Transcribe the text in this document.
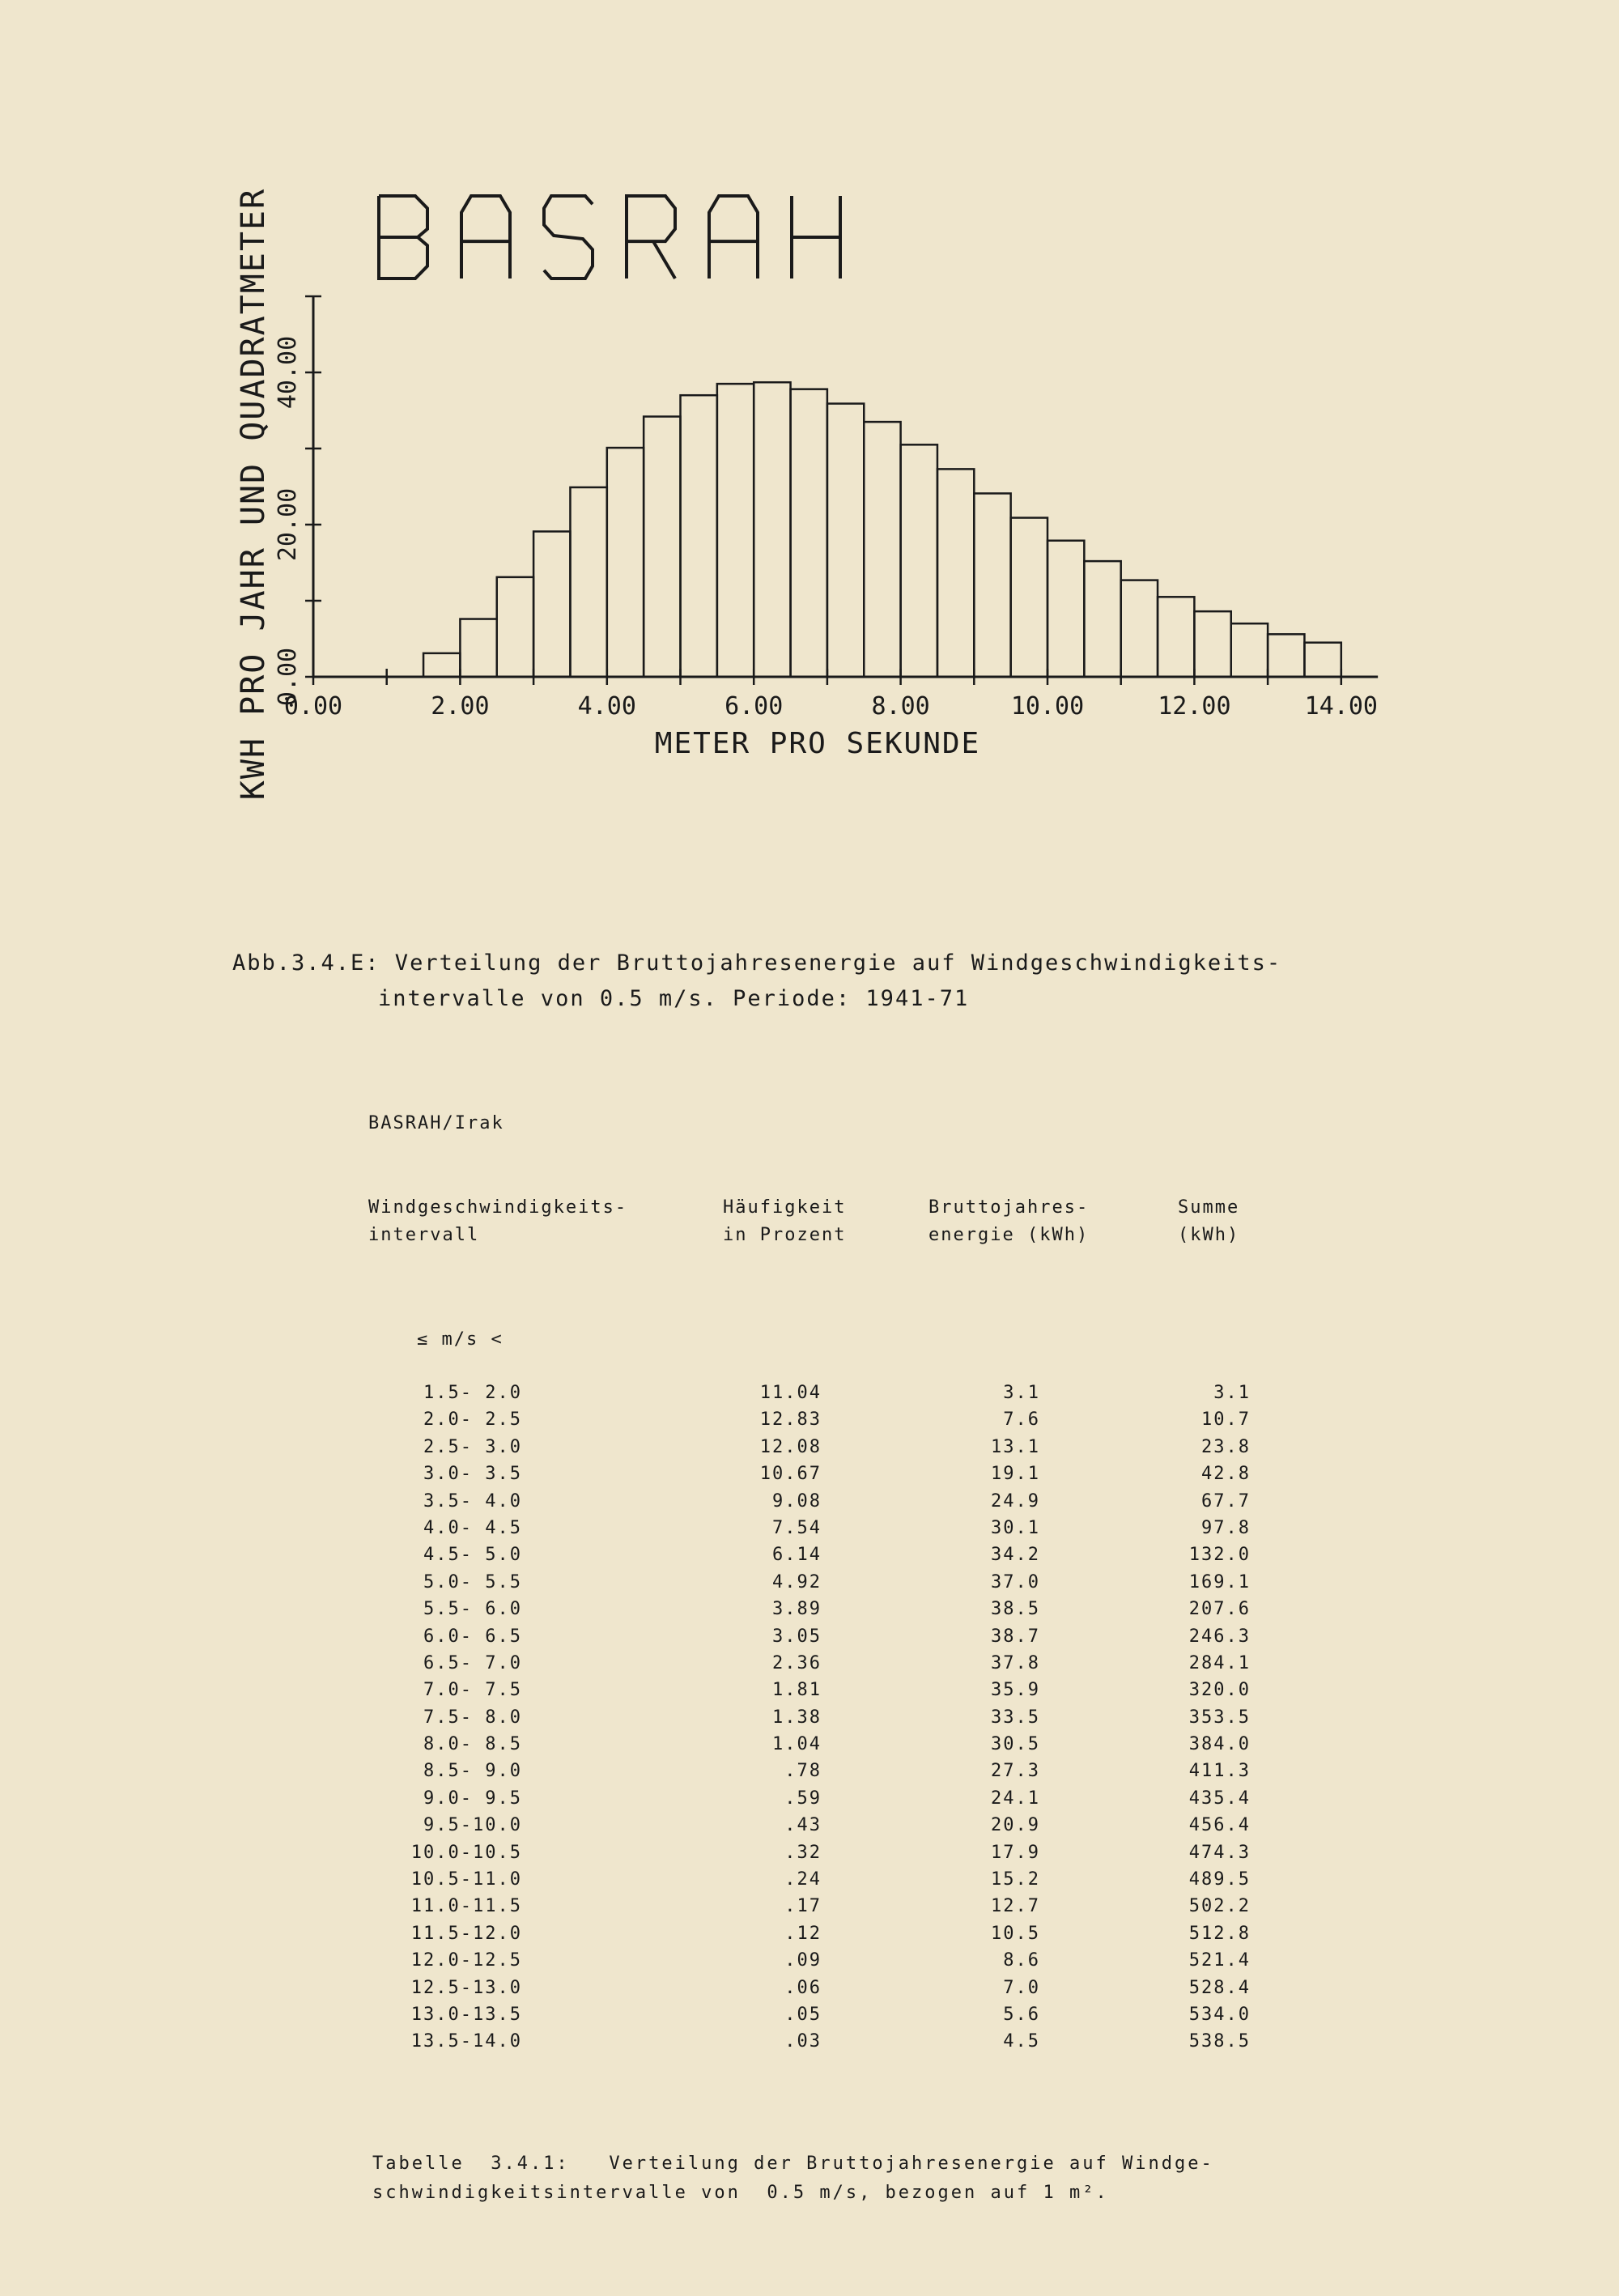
KWH PRO JAHR UND QUADRATMETER 0.00	2.00	4.00	6.00	8.00	10.00	12.00	14.00
0.00
20.00
40.00
METER PRO SEKUNDE
Abb.3.4.E: Verteilung der Bruttojahresenergie auf Windgeschwindigkeits-
intervalle von 0.5 m/s. Periode: 1941-71
BASRAH/Irak
Windgeschwindigkeits-
intervall
Häufigkeit
in Prozent
Bruttojahres-
energie (kWh)
Summe
(kWh)
≤ m/s <
1.5- 2.0	11.04	3.1	3.1
2.0- 2.5	12.83	7.6	10.7
2.5- 3.0	12.08	13.1	23.8
3.0- 3.5	10.67	19.1	42.8
3.5- 4.0	9.08	24.9	67.7
4.0- 4.5	7.54	30.1	97.8
4.5- 5.0	6.14	34.2	132.0
5.0- 5.5	4.92	37.0	169.1
5.5- 6.0	3.89	38.5	207.6
6.0- 6.5	3.05	38.7	246.3
6.5- 7.0	2.36	37.8	284.1
7.0- 7.5	1.81	35.9	320.0
7.5- 8.0	1.38	33.5	353.5
8.0- 8.5	1.04	30.5	384.0
8.5- 9.0	.78	27.3	411.3
9.0- 9.5	.59	24.1	435.4
9.5-10.0	.43	20.9	456.4
10.0-10.5	.32	17.9	474.3
10.5-11.0	.24	15.2	489.5
11.0-11.5	.17	12.7	502.2
11.5-12.0	.12	10.5	512.8
12.0-12.5	.09	8.6	521.4
12.5-13.0	.06	7.0	528.4
13.0-13.5	.05	5.6	534.0
13.5-14.0	.03	4.5	538.5
Tabelle  3.4.1:   Verteilung der Bruttojahresenergie auf Windge-
schwindigkeitsintervalle von  0.5 m/s, bezogen auf 1 m².
